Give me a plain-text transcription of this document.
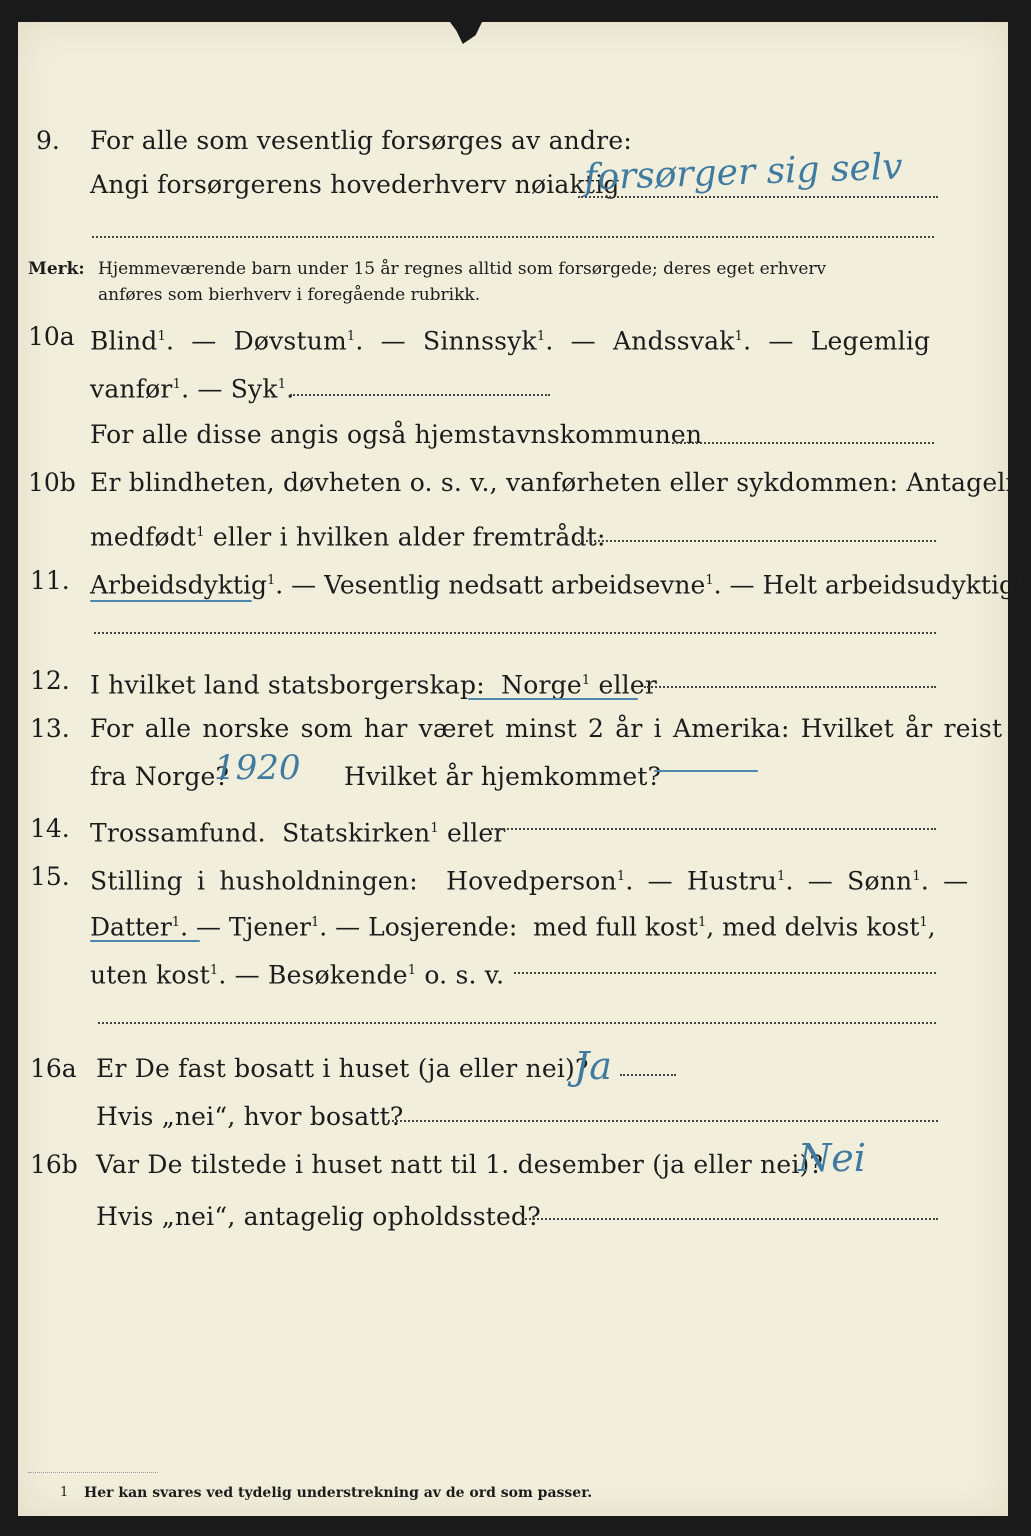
9. For alle som vesentlig forsørges av andre:
Angi forsørgerens hovederhverv nøiaktig
forsørger sig selv
Merk: Hjemmeværende barn under 15 år regnes alltid som forsørgede; deres eget erhverv
anføres som bierhverv i foregående rubrikk.
10a Blind$^1$. — Døvstum$^1$. — Sinnssyk$^1$. — Andssvak$^1$. — Legemlig
vanfør$^1$. — Syk$^1$.
For alle disse angis også hjemstavnskommunen
10b Er blindheten, døvheten o. s. v., vanførheten eller sykdommen: Antagelig
medfødt$^1$ eller i hvilken alder fremtrådt:
11. Arbeidsdyktig$^1$. — Vesentlig nedsatt arbeidsevne$^1$. — Helt arbeidsudyktig$^1$.
12. I hvilket land statsborgerskap:  Norge$^1$ eller
13. For alle norske som har været minst 2 år i Amerika: Hvilket år reist
fra Norge?
1920 Hvilket år hjemkommet?
14. Trossamfund. Statskirken$^1$ eller
15. Stilling i husholdningen:  Hovedperson$^1$. — Hustru$^1$. — Sønn$^1$. —
Datter$^1$. — Tjener$^1$. — Losjerende:  med full kost$^1$, med delvis kost$^1$,
uten kost$^1$. — Besøkende$^1$ o. s. v.
16a Er De fast bosatt i huset (ja eller nei)?
Ja
Hvis „nei“, hvor bosatt?
16b Var De tilstede i huset natt til 1. desember (ja eller nei)?
Nei
Hvis „nei“, antagelig opholdssted?
1 Her kan svares ved tydelig understrekning av de ord som passer.
